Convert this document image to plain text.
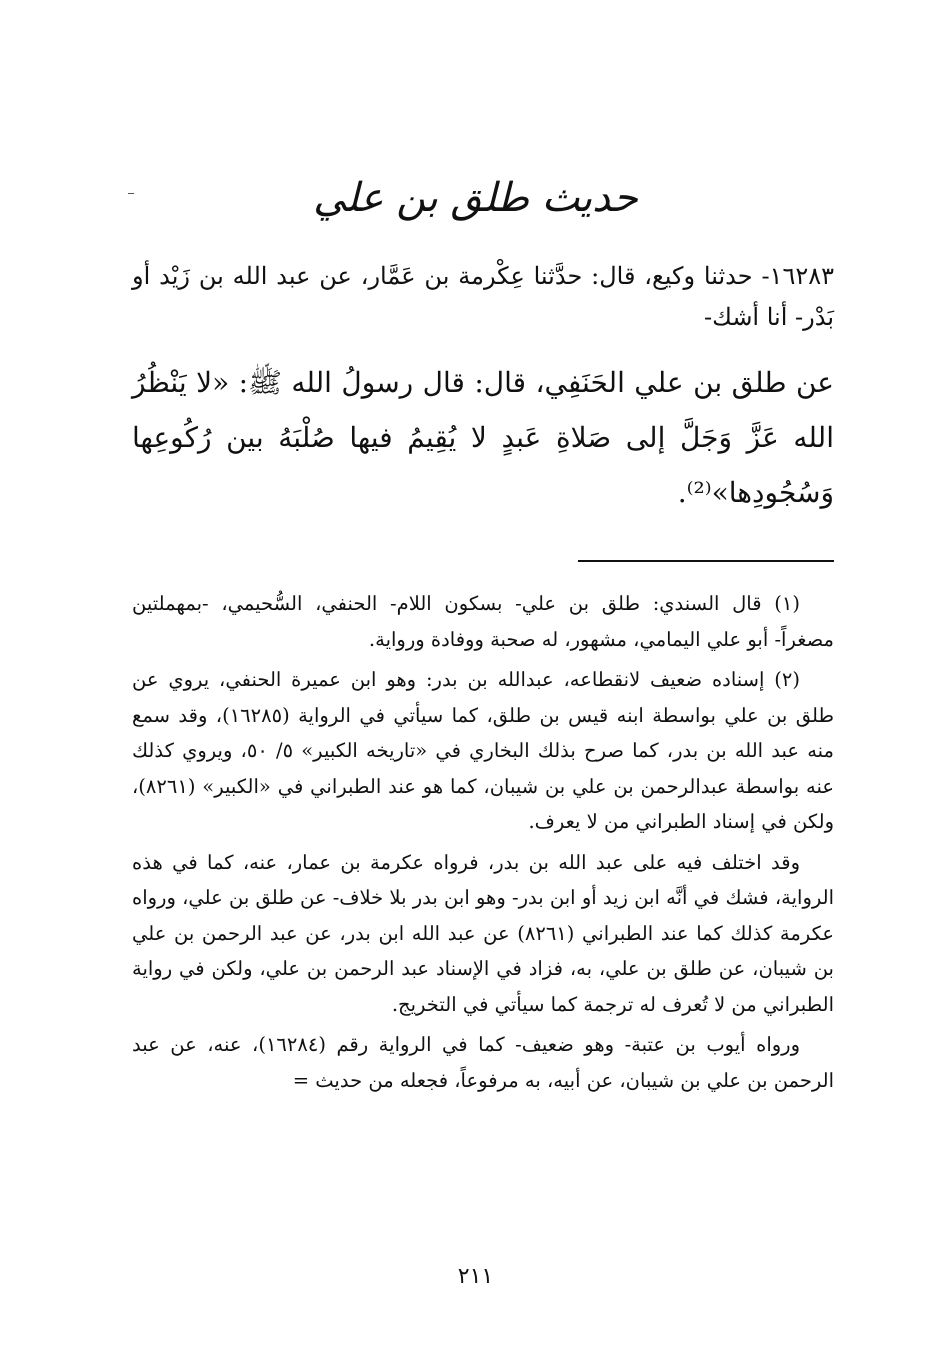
حديث طلق بن علي
١٦٢٨٣- حدثنا وكيع، قال: حدَّثنا عِكْرمة بن عَمَّار، عن عبد الله بن زَيْد أو بَدْر- أنا أشك-
عن طلق بن علي الحَنَفِي، قال: قال رسولُ الله ﷺ: «لا يَنْظُرُ الله عَزَّ وَجَلَّ إلى صَلاةِ عَبدٍ لا يُقِيمُ فيها صُلْبَهُ بين رُكُوعِها وَسُجُودِها»⁽²⁾.

(١) قال السندي: طلق بن علي- بسكون اللام- الحنفي، السُّحيمي، -بمهملتين مصغراً- أبو علي اليمامي، مشهور، له صحبة ووفادة ورواية.

(٢) إسناده ضعيف لانقطاعه، عبدالله بن بدر: وهو ابن عميرة الحنفي، يروي عن طلق بن علي بواسطة ابنه قيس بن طلق، كما سيأتي في الرواية (١٦٢٨٥)، وقد سمع منه عبد الله بن بدر، كما صرح بذلك البخاري في «تاريخه الكبير» ٥/ ٥٠، ويروي كذلك عنه بواسطة عبدالرحمن بن علي بن شيبان، كما هو عند الطبراني في «الكبير» (٨٢٦١)، ولكن في إسناد الطبراني من لا يعرف.

وقد اختلف فيه على عبد الله بن بدر، فرواه عكرمة بن عمار، عنه، كما في هذه الرواية، فشك في أنَّه ابن زيد أو ابن بدر- وهو ابن بدر بلا خلاف- عن طلق بن علي، ورواه عكرمة كذلك كما عند الطبراني (٨٢٦١) عن عبد الله ابن بدر، عن عبد الرحمن بن علي بن شيبان، عن طلق بن علي، به، فزاد في الإسناد عبد الرحمن بن علي، ولكن في رواية الطبراني من لا تُعرف له ترجمة كما سيأتي في التخريج.

ورواه أيوب بن عتبة- وهو ضعيف- كما في الرواية رقم (١٦٢٨٤)، عنه، عن عبد الرحمن بن علي بن شيبان، عن أبيه، به مرفوعاً، فجعله من حديث =

٢١١
